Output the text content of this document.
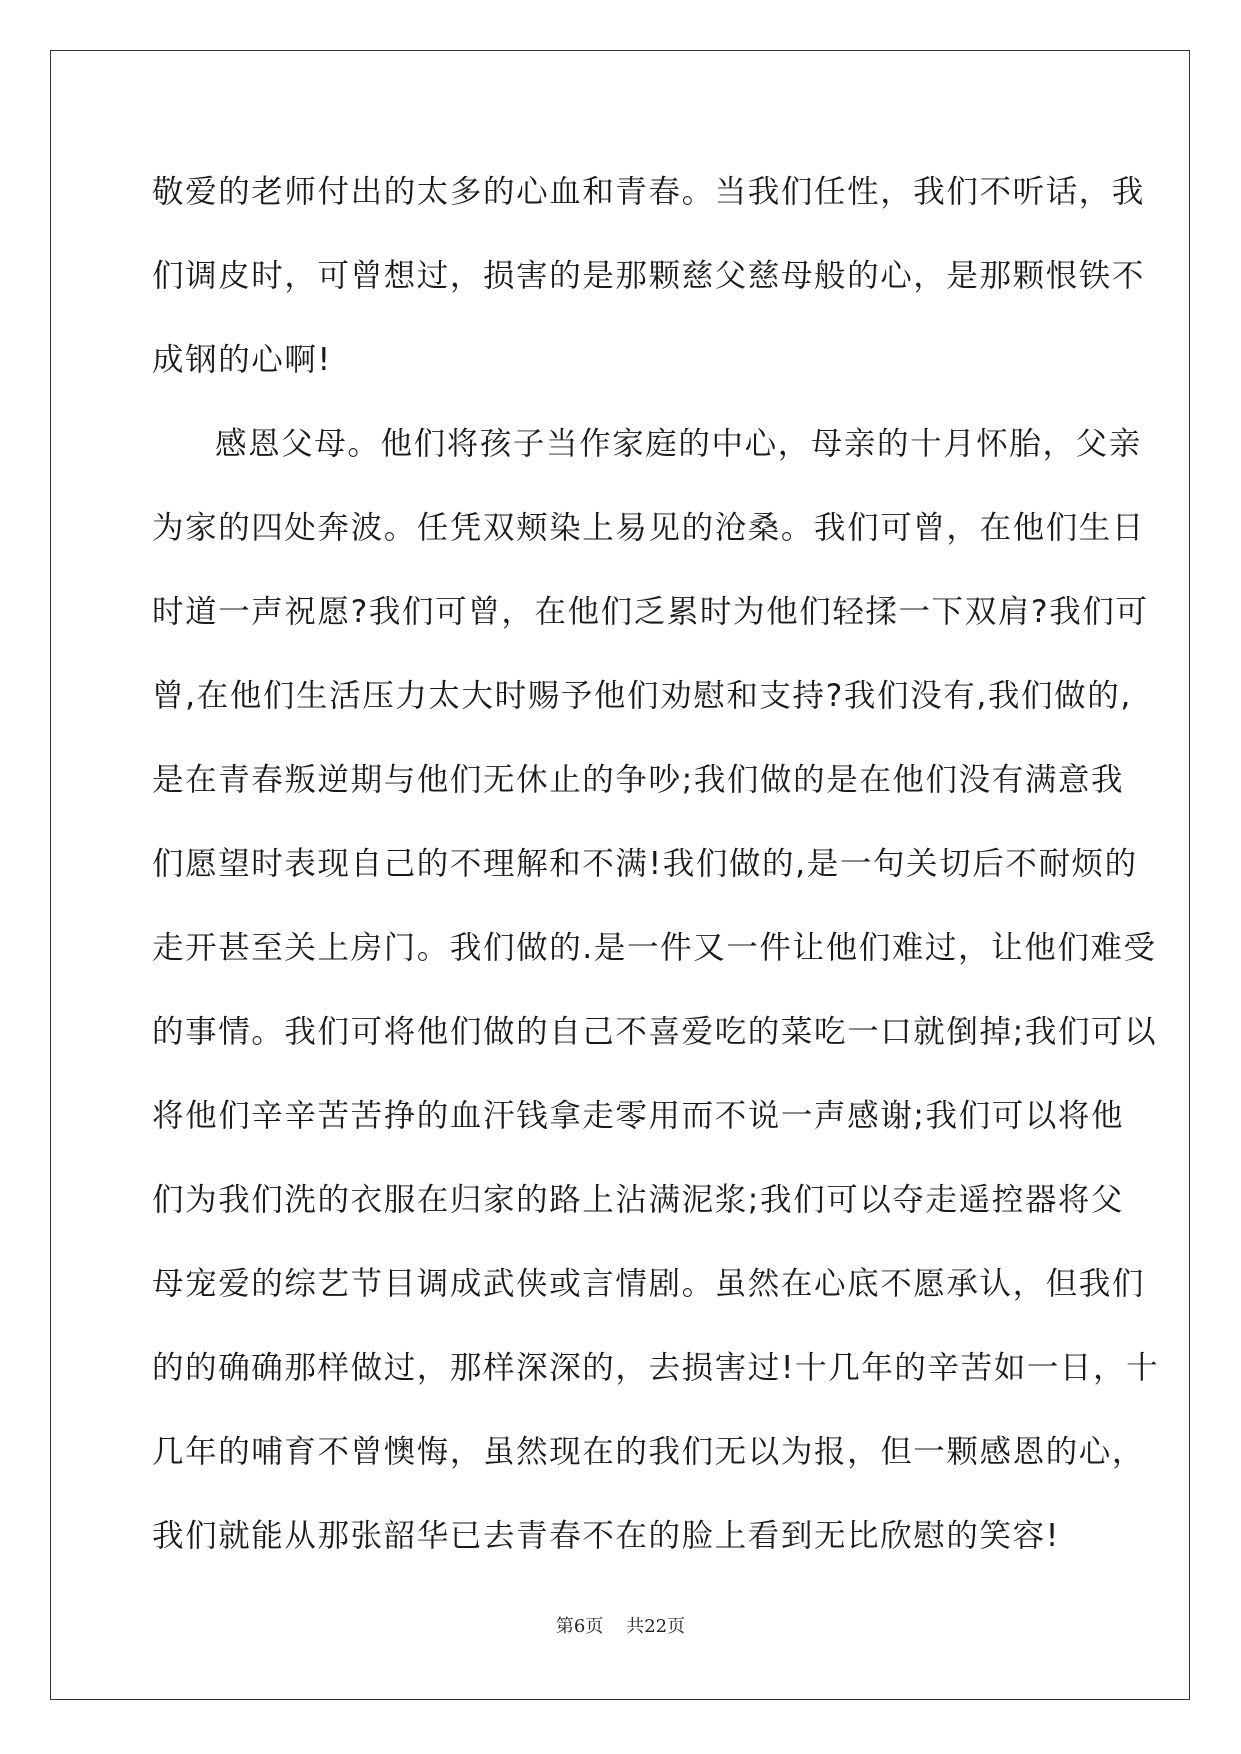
敬爱的老师付出的太多的心血和青春。当我们任性，我们不听话，我
们调皮时，可曾想过，损害的是那颗慈父慈母般的心，是那颗恨铁不
成钢的心啊!
感恩父母。他们将孩子当作家庭的中心，母亲的十月怀胎，父亲
为家的四处奔波。任凭双颊染上易见的沧桑。我们可曾，在他们生日
时道一声祝愿?我们可曾，在他们乏累时为他们轻揉一下双肩?我们可
曾,在他们生活压力太大时赐予他们劝慰和支持?我们没有,我们做的,
是在青春叛逆期与他们无休止的争吵;我们做的是在他们没有满意我
们愿望时表现自己的不理解和不满!我们做的,是一句关切后不耐烦的
走开甚至关上房门。我们做的.是一件又一件让他们难过，让他们难受
的事情。我们可将他们做的自己不喜爱吃的菜吃一口就倒掉;我们可以
将他们辛辛苦苦挣的血汗钱拿走零用而不说一声感谢;我们可以将他
们为我们洗的衣服在归家的路上沾满泥浆;我们可以夺走遥控器将父
母宠爱的综艺节目调成武侠或言情剧。虽然在心底不愿承认，但我们
的的确确那样做过，那样深深的，去损害过!十几年的辛苦如一日，十
几年的哺育不曾懊悔，虽然现在的我们无以为报，但一颗感恩的心，
我们就能从那张韶华已去青春不在的脸上看到无比欣慰的笑容!
第6页 共22页
